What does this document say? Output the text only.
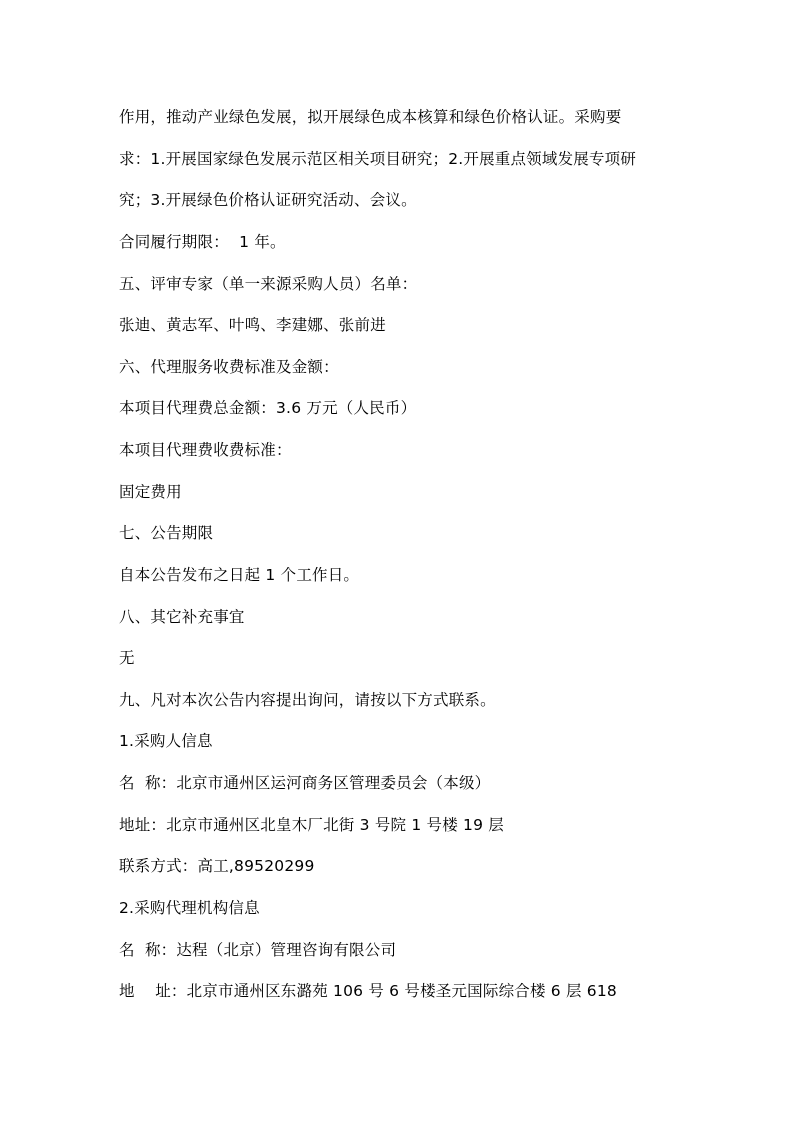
作用，推动产业绿色发展，拟开展绿色成本核算和绿色价格认证。采购要
求：1.开展国家绿色发展示范区相关项目研究；2.开展重点领域发展专项研
究；3.开展绿色价格认证研究活动、会议。
合同履行期限：  1 年。
五、评审专家（单一来源采购人员）名单：
张迪、黄志军、叶鸣、李建娜、张前进
六、代理服务收费标准及金额：
本项目代理费总金额：3.6 万元（人民币）
本项目代理费收费标准：
固定费用
七、公告期限
自本公告发布之日起 1 个工作日。
八、其它补充事宜
无
九、凡对本次公告内容提出询问，请按以下方式联系。
1.采购人信息
名  称：北京市通州区运河商务区管理委员会（本级）
地址：北京市通州区北皇木厂北街 3 号院 1 号楼 19 层
联系方式：高工,89520299
2.采购代理机构信息
名  称：达程（北京）管理咨询有限公司
地    址：北京市通州区东潞苑 106 号 6 号楼圣元国际综合楼 6 层 618
